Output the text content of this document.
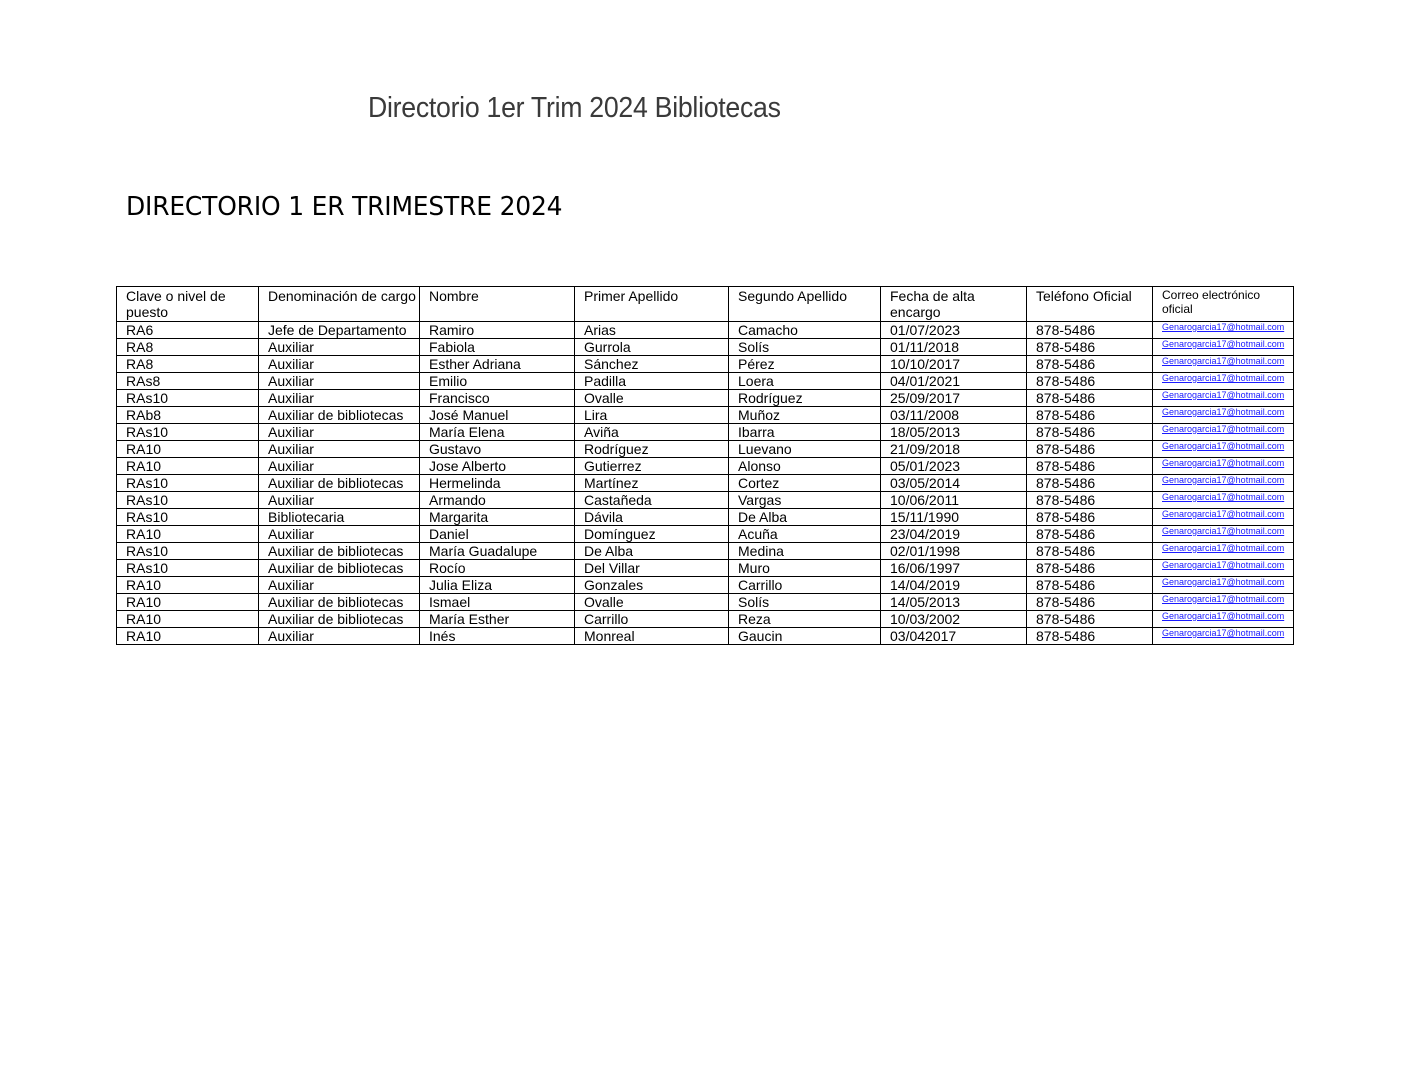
Directorio 1er Trim 2024 Bibliotecas
DIRECTORIO 1 ER TRIMESTRE 2024
Clave o nivel de puesto	Denominación de cargo	Nombre	Primer Apellido	Segundo Apellido	Fecha de alta encargo	Teléfono Oficial	Correo electrónico oficial
RA6	Jefe de Departamento	Ramiro	Arias	Camacho	01/07/2023	878-5486	Genarogarcia17@hotmail.com
RA8	Auxiliar	Fabiola	Gurrola	Solís	01/11/2018	878-5486	Genarogarcia17@hotmail.com
RA8	Auxiliar	Esther Adriana	Sánchez	Pérez	10/10/2017	878-5486	Genarogarcia17@hotmail.com
RAs8	Auxiliar	Emilio	Padilla	Loera	04/01/2021	878-5486	Genarogarcia17@hotmail.com
RAs10	Auxiliar	Francisco	Ovalle	Rodríguez	25/09/2017	878-5486	Genarogarcia17@hotmail.com
RAb8	Auxiliar de bibliotecas	José Manuel	Lira	Muñoz	03/11/2008	878-5486	Genarogarcia17@hotmail.com
RAs10	Auxiliar	María Elena	Aviña	Ibarra	18/05/2013	878-5486	Genarogarcia17@hotmail.com
RA10	Auxiliar	Gustavo	Rodríguez	Luevano	21/09/2018	878-5486	Genarogarcia17@hotmail.com
RA10	Auxiliar	Jose Alberto	Gutierrez	Alonso	05/01/2023	878-5486	Genarogarcia17@hotmail.com
RAs10	Auxiliar de bibliotecas	Hermelinda	Martínez	Cortez	03/05/2014	878-5486	Genarogarcia17@hotmail.com
RAs10	Auxiliar	Armando	Castañeda	Vargas	10/06/2011	878-5486	Genarogarcia17@hotmail.com
RAs10	Bibliotecaria	Margarita	Dávila	De Alba	15/11/1990	878-5486	Genarogarcia17@hotmail.com
RA10	Auxiliar	Daniel	Domínguez	Acuña	23/04/2019	878-5486	Genarogarcia17@hotmail.com
RAs10	Auxiliar de bibliotecas	María Guadalupe	De Alba	Medina	02/01/1998	878-5486	Genarogarcia17@hotmail.com
RAs10	Auxiliar de bibliotecas	Rocío	Del Villar	Muro	16/06/1997	878-5486	Genarogarcia17@hotmail.com
RA10	Auxiliar	Julia Eliza	Gonzales	Carrillo	14/04/2019	878-5486	Genarogarcia17@hotmail.com
RA10	Auxiliar de bibliotecas	Ismael	Ovalle	Solís	14/05/2013	878-5486	Genarogarcia17@hotmail.com
RA10	Auxiliar de bibliotecas	María Esther	Carrillo	Reza	10/03/2002	878-5486	Genarogarcia17@hotmail.com
RA10	Auxiliar	Inés	Monreal	Gaucin	03/042017	878-5486	Genarogarcia17@hotmail.com
